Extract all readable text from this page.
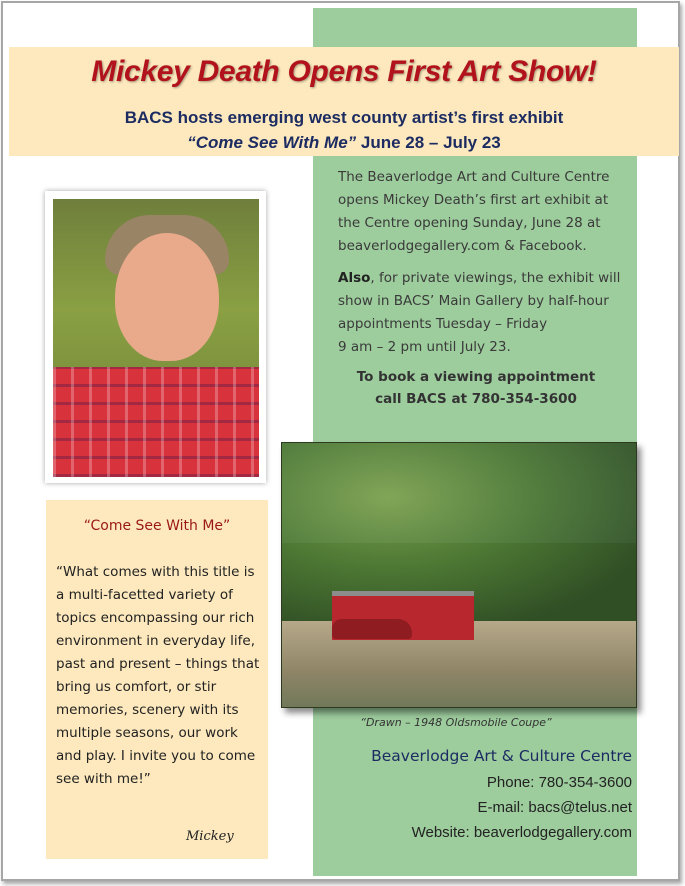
Mickey Death Opens First Art Show!
BACS hosts emerging west county artist’s first exhibit
“Come See With Me” June 28 – July 23
“Come See With Me”
“What comes with this title is a multi-facetted variety of topics encompassing our rich environment in everyday life, past and present – things that bring us comfort, or stir memories, scenery with its multiple seasons, our work and play. I invite you to come see with me!”
Mickey

The Beaverlodge Art and Culture Centre opens Mickey Death’s first art exhibit at the Centre opening Sunday, June 28 at beaverlodgegallery.com & Facebook.

Also, for private viewings, the exhibit will show in BACS’ Main Gallery by half-hour appointments Tuesday – Friday
9 am – 2 pm until July 23.

To book a viewing appointment
call BACS at 780-354-3600
“Drawn – 1948 Oldsmobile Coupe”
Beaverlodge Art & Culture Centre
Phone: 780-354-3600
E-mail: bacs@telus.net
Website: beaverlodgegallery.com
